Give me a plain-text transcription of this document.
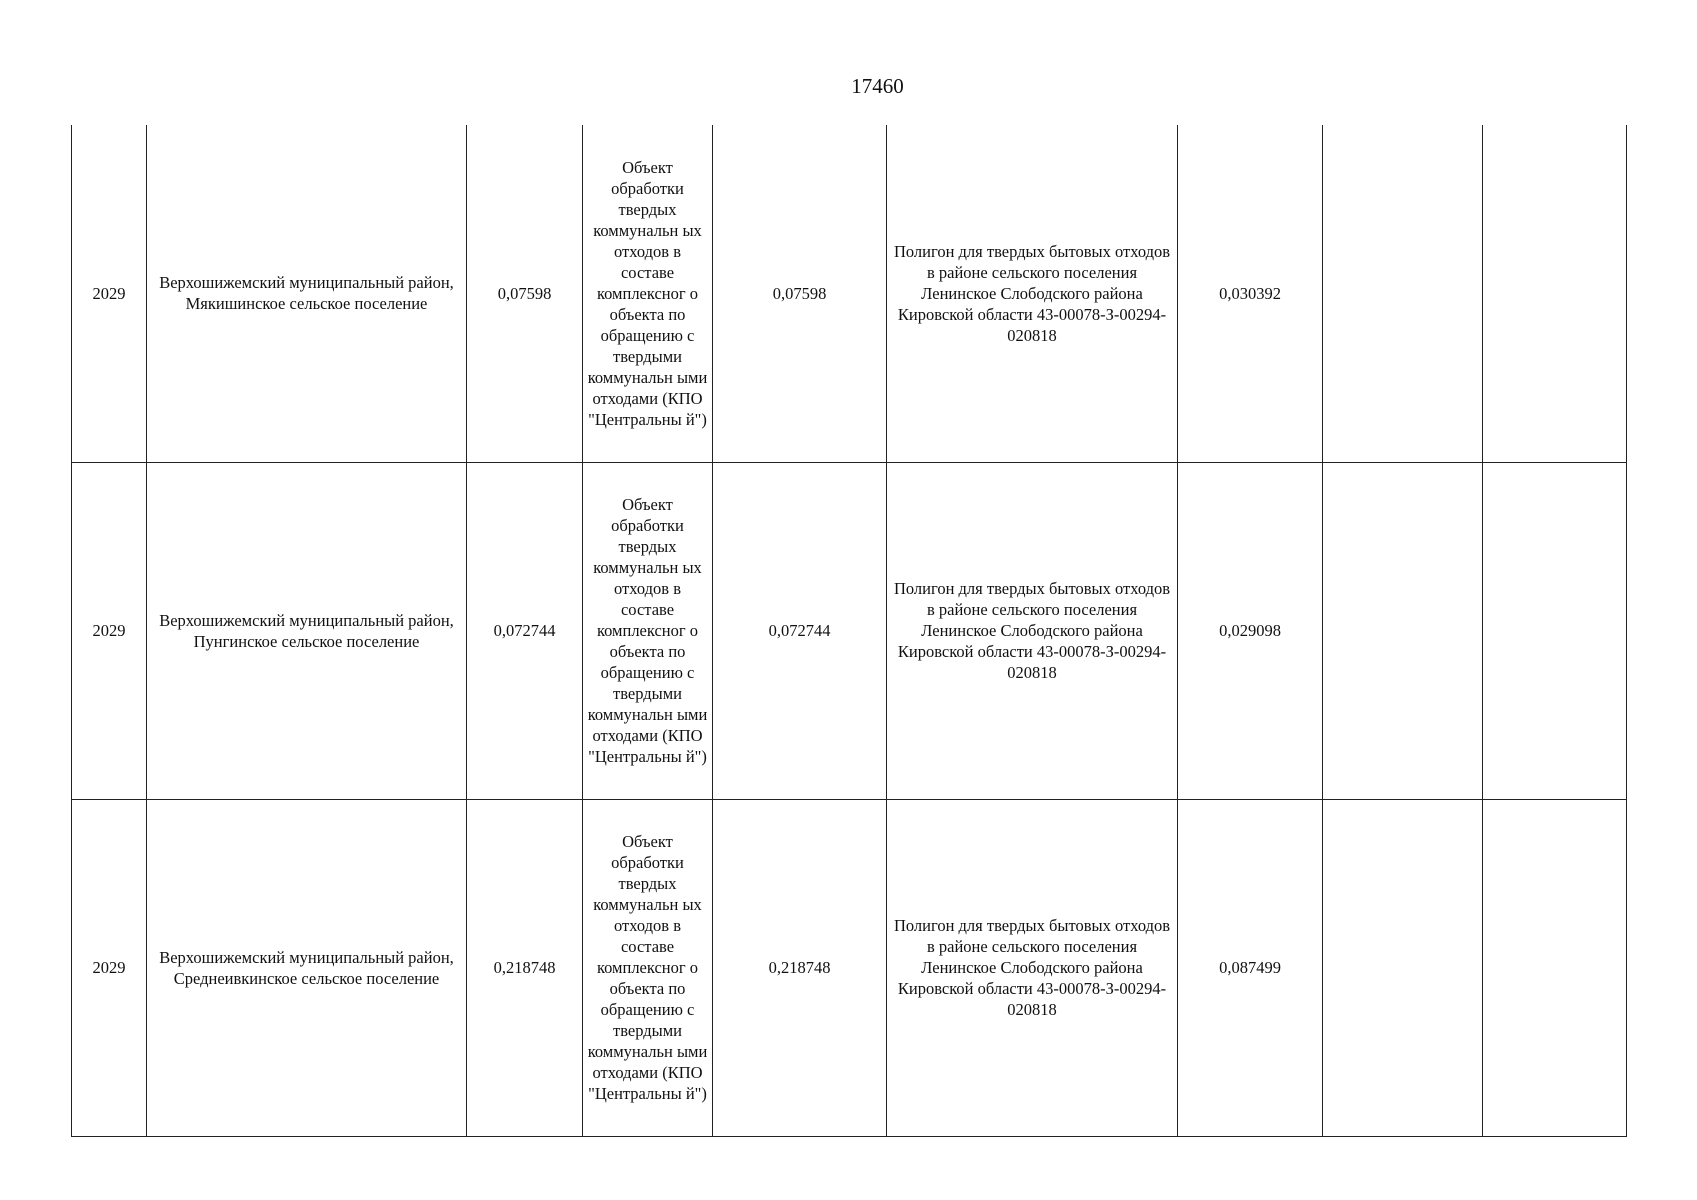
17460
2029	Верхошижемский муниципальный район, Мякишинское сельское поселение	0,07598	Объект обработки твердых коммунальн ых отходов в составе комплексног о объекта по обращению с твердыми коммунальн ыми отходами (КПО "Центральны й")	0,07598	Полигон для твердых бытовых отходов в районе сельского поселения Ленинское Слободского района Кировской области 43-00078-З-00294-020818	0,030392		
2029	Верхошижемский муниципальный район, Пунгинское сельское поселение	0,072744	Объект обработки твердых коммунальн ых отходов в составе комплексног о объекта по обращению с твердыми коммунальн ыми отходами (КПО "Центральны й")	0,072744	Полигон для твердых бытовых отходов в районе сельского поселения Ленинское Слободского района Кировской области 43-00078-З-00294-020818	0,029098		
2029	Верхошижемский муниципальный район, Среднеивкинское сельское поселение	0,218748	Объект обработки твердых коммунальн ых отходов в составе комплексног о объекта по обращению с твердыми коммунальн ыми отходами (КПО "Центральны й")	0,218748	Полигон для твердых бытовых отходов в районе сельского поселения Ленинское Слободского района Кировской области 43-00078-З-00294-020818	0,087499		
